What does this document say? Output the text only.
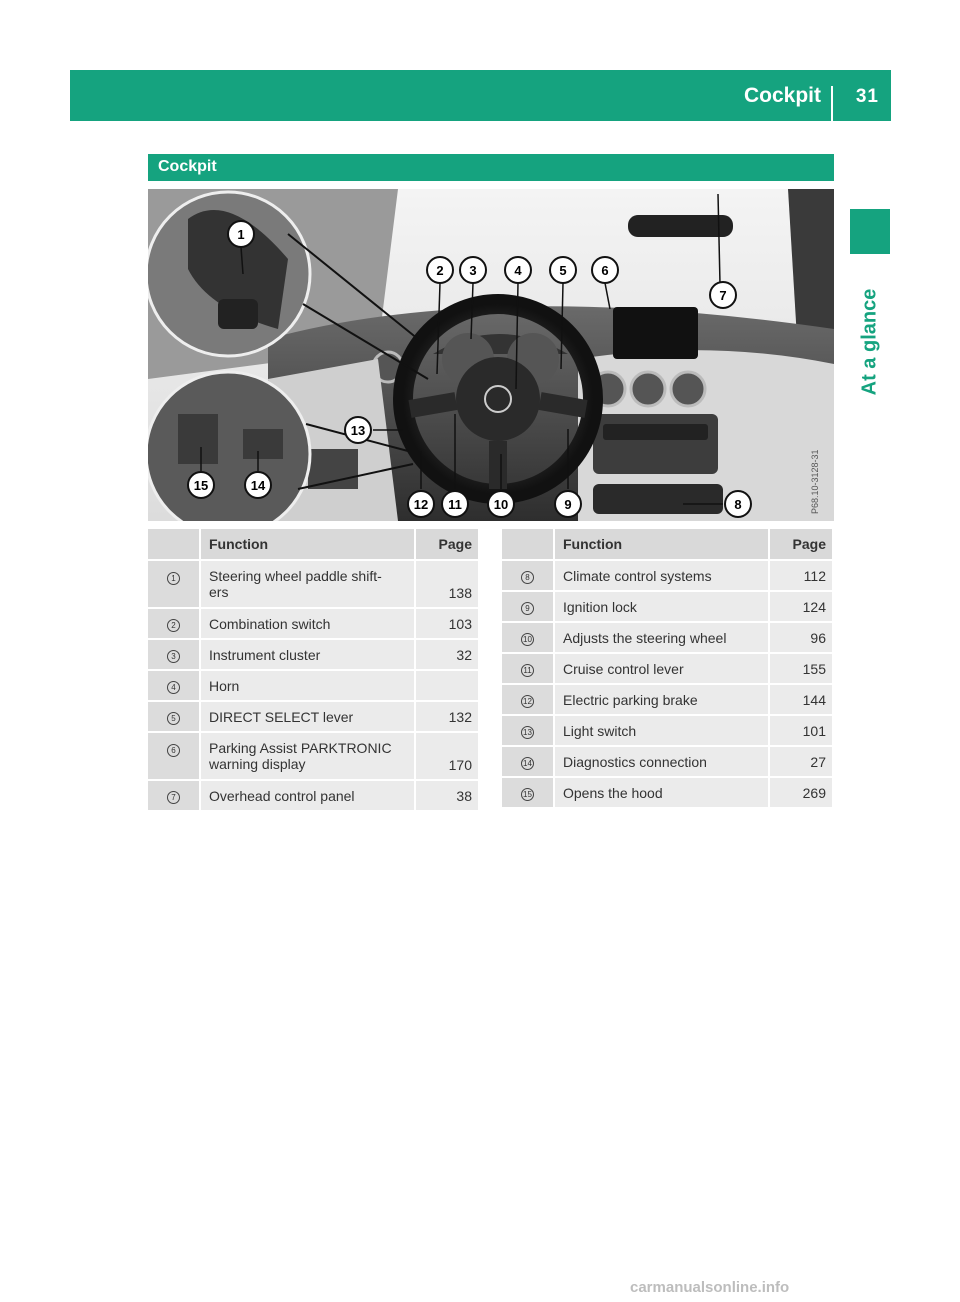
Cockpit 31
At a glance
Cockpit
1
2 3	4	5	6
7
8
9
10
11
12
13
14
15	P68.10-3128-31
	Function	Page
1	Steering wheel paddle shift-
ers	138
2	Combination switch	103
3	Instrument cluster	32
4	Horn	

5	DIRECT SELECT lever	132
6	Parking Assist PARKTRONIC
warning display	170
7	Overhead control panel	38
	Function	Page
8	Climate control systems	112
9	Ignition lock	124
10	Adjusts the steering wheel	96
11	Cruise control lever	155
12	Electric parking brake	144
13	Light switch	101
14	Diagnostics connection	27
15	Opens the hood	269
carmanualsonline.info
